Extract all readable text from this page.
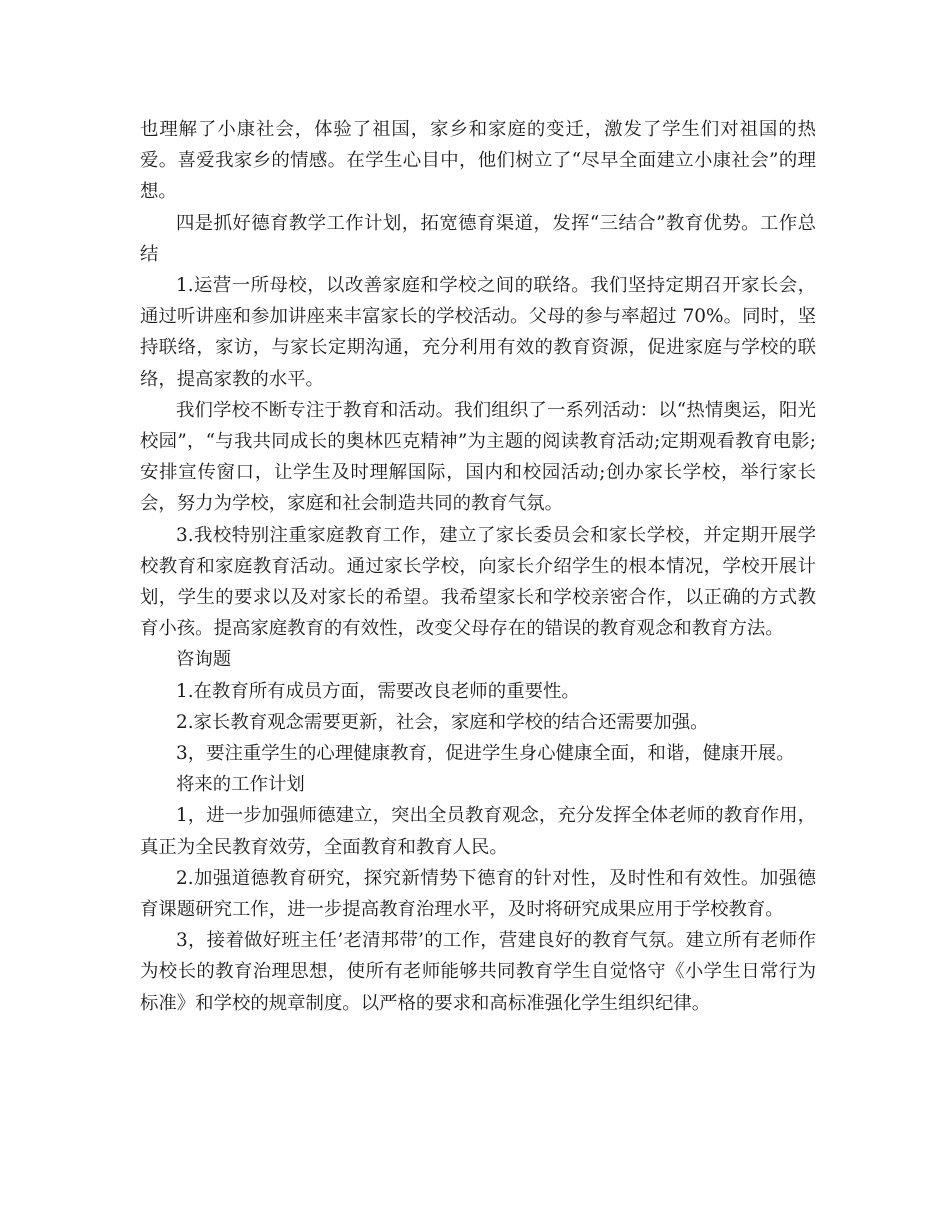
也理解了小康社会，体验了祖国，家乡和家庭的变迁，激发了学生们对祖国的热爱。喜爱我家乡的情感。在学生心目中，他们树立了“尽早全面建立小康社会”的理想。

四是抓好德育教学工作计划，拓宽德育渠道，发挥“三结合”教育优势。工作总结

1.运营一所母校，以改善家庭和学校之间的联络。我们坚持定期召开家长会，通过听讲座和参加讲座来丰富家长的学校活动。父母的参与率超过 70%。同时，坚持联络，家访，与家长定期沟通，充分利用有效的教育资源，促进家庭与学校的联络，提高家教的水平。

我们学校不断专注于教育和活动。我们组织了一系列活动：以“热情奥运，阳光校园”，“与我共同成长的奥林匹克精神”为主题的阅读教育活动;定期观看教育电影;安排宣传窗口，让学生及时理解国际，国内和校园活动;创办家长学校，举行家长会，努力为学校，家庭和社会制造共同的教育气氛。

3.我校特别注重家庭教育工作，建立了家长委员会和家长学校，并定期开展学校教育和家庭教育活动。通过家长学校，向家长介绍学生的根本情况，学校开展计划，学生的要求以及对家长的希望。我希望家长和学校亲密合作，以正确的方式教育小孩。提高家庭教育的有效性，改变父母存在的错误的教育观念和教育方法。

咨询题

1.在教育所有成员方面，需要改良老师的重要性。

2.家长教育观念需要更新，社会，家庭和学校的结合还需要加强。

3，要注重学生的心理健康教育，促进学生身心健康全面，和谐，健康开展。

将来的工作计划

1，进一步加强师德建立，突出全员教育观念，充分发挥全体老师的教育作用，真正为全民教育效劳，全面教育和教育人民。

2.加强道德教育研究，探究新情势下德育的针对性，及时性和有效性。加强德育课题研究工作，进一步提高教育治理水平，及时将研究成果应用于学校教育。

3，接着做好班主任’老清邦带’的工作，营建良好的教育气氛。建立所有老师作为校长的教育治理思想，使所有老师能够共同教育学生自觉恪守《小学生日常行为标准》和学校的规章制度。以严格的要求和高标准强化学生组织纪律。
